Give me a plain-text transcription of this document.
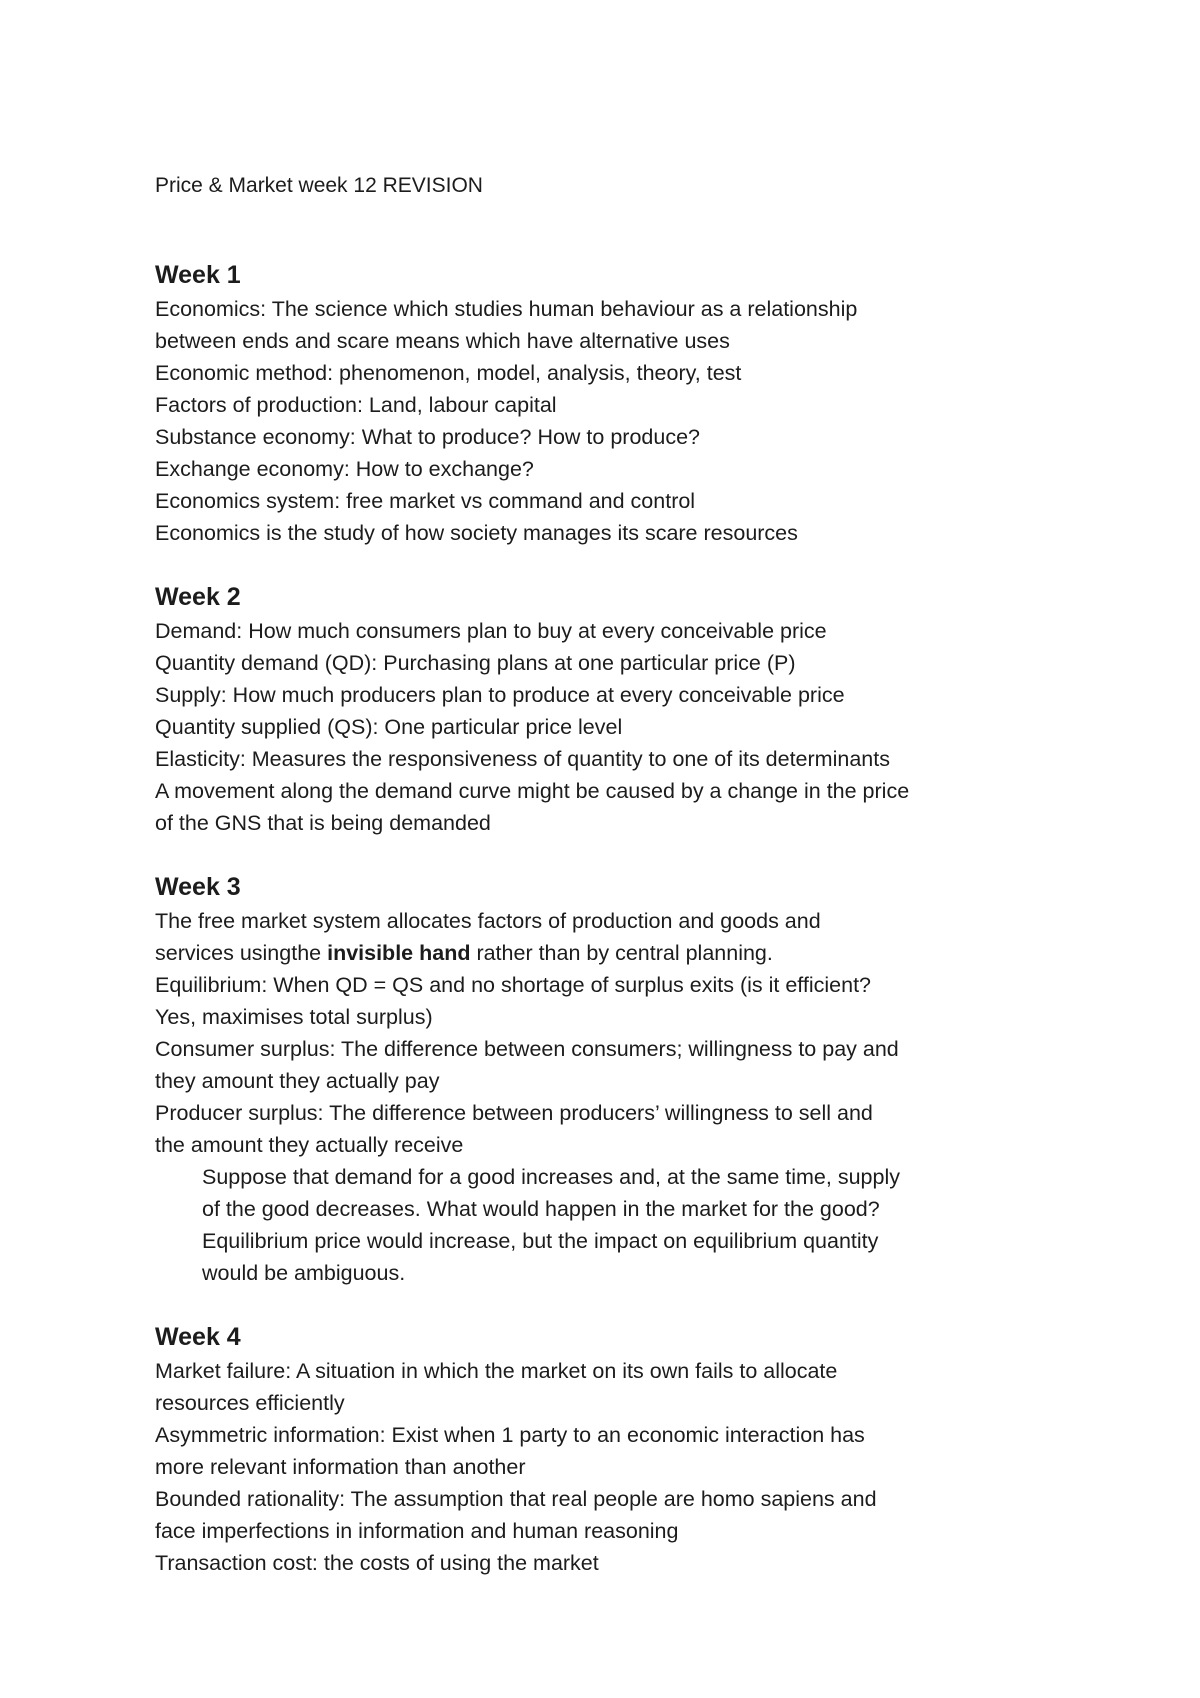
Price & Market week 12 REVISION
Week 1

Economics: The science which studies human behaviour as a relationship

between ends and scare means which have alternative uses

Economic method: phenomenon, model, analysis, theory, test

Factors of production: Land, labour capital

Substance economy: What to produce? How to produce?

Exchange economy: How to exchange?

Economics system: free market vs command and control

Economics is the study of how society manages its scare resources

Week 2

Demand: How much consumers plan to buy at every conceivable price

Quantity demand (QD): Purchasing plans at one particular price (P)

Supply: How much producers plan to produce at every conceivable price

Quantity supplied (QS): One particular price level

Elasticity: Measures the responsiveness of quantity to one of its determinants

A movement along the demand curve might be caused by a change in the price

of the GNS that is being demanded

Week 3

The free market system allocates factors of production and goods and

services usingthe invisible hand rather than by central planning.

Equilibrium: When QD = QS and no shortage of surplus exits (is it efficient?

Yes, maximises total surplus)

Consumer surplus: The difference between consumers; willingness to pay and

they amount they actually pay

Producer surplus: The difference between producers’ willingness to sell and

the amount they actually receive

Suppose that demand for a good increases and, at the same time, supply

of the good decreases. What would happen in the market for the good?

Equilibrium price would increase, but the impact on equilibrium quantity

would be ambiguous.

Week 4

Market failure: A situation in which the market on its own fails to allocate

resources efficiently

Asymmetric information: Exist when 1 party to an economic interaction has

more relevant information than another

Bounded rationality: The assumption that real people are homo sapiens and

face imperfections in information and human reasoning

Transaction cost: the costs of using the market
